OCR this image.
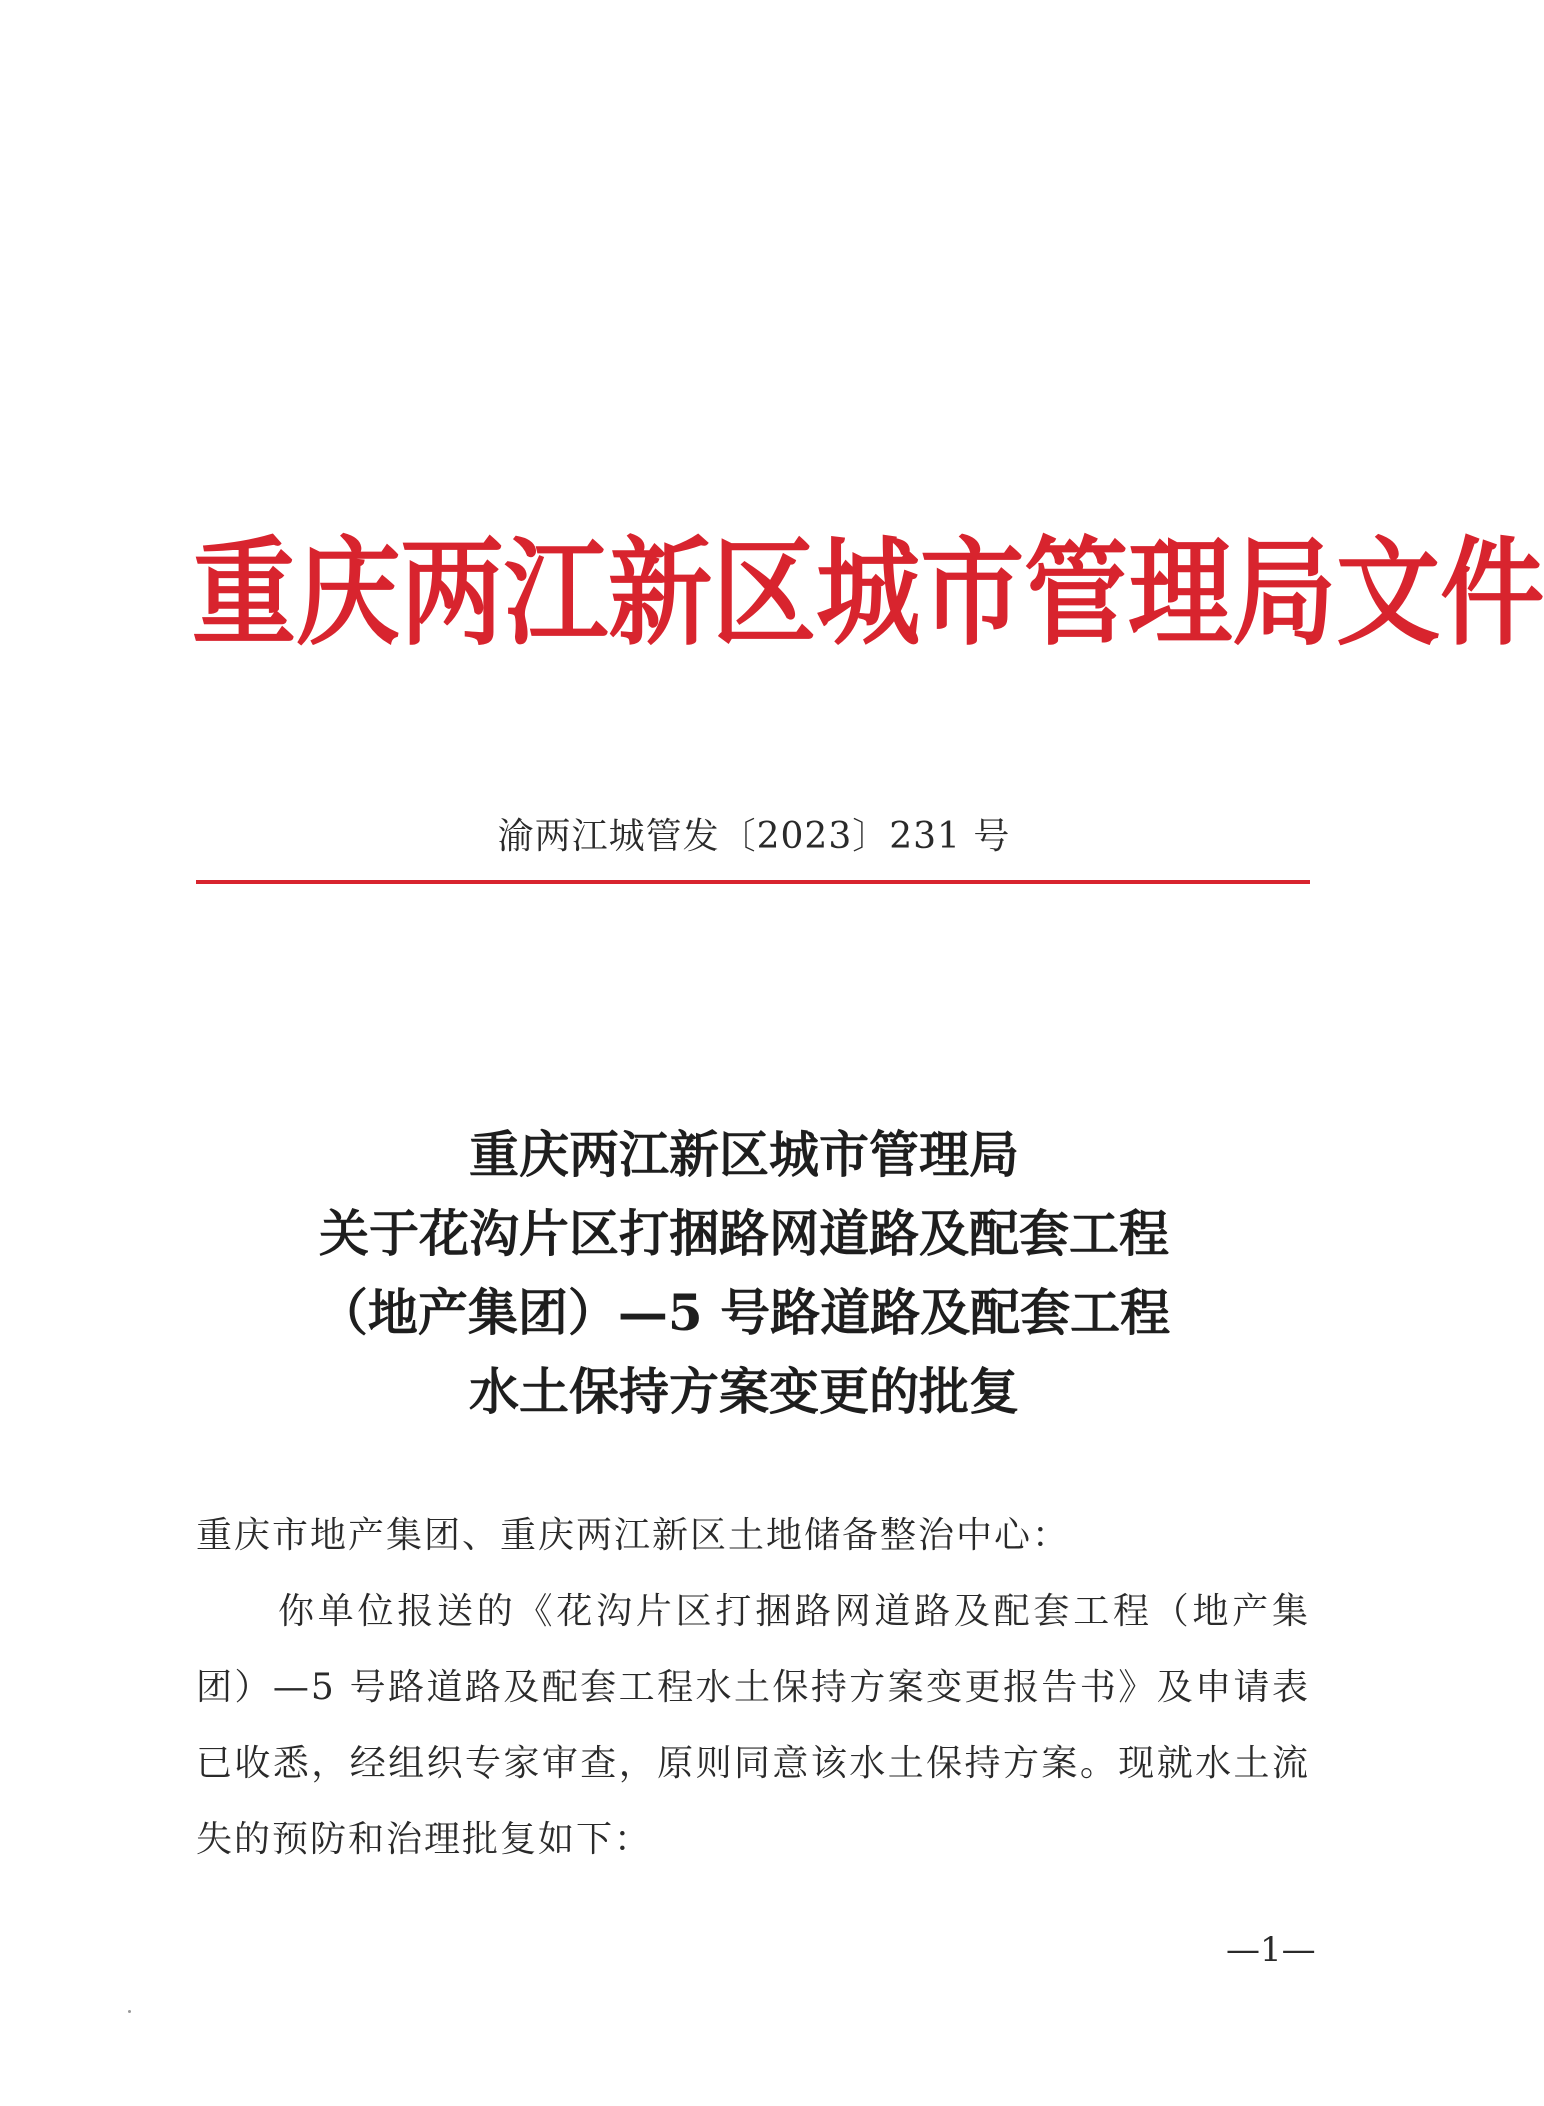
重 庆 两 江 新 区 城 市 管 理 局 文 件
渝两江城管发〔2023〕231 号
重庆两江新区城市管理局
关于花沟片区打捆路网道路及配套工程
（地产集团）—5 号路道路及配套工程
水土保持方案变更的批复
重庆市地产集团、重庆两江新区土地储备整治中心：
你单位报送的《花沟片区打捆路网道路及配套工程（地产集团）—5 号路道路及配套工程水土保持方案变更报告书》及申请表已收悉，经组织专家审查，原则同意该水土保持方案。现就水土流失的预防和治理批复如下：
—1—
